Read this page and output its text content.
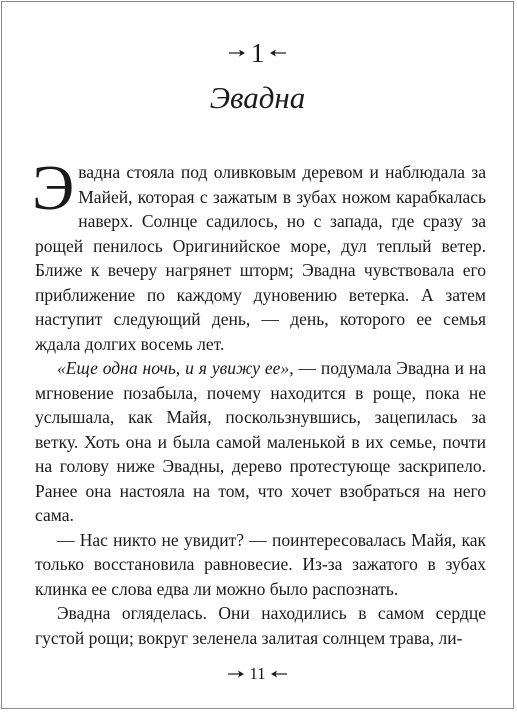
1
Эвадна

Эвадна стояла под оливковым деревом и наблюдала за Майей, которая с зажатым в зубах ножом карабкалась наверх. Солнце садилось, но с запада, где сразу за рощей пенилось Оригинийское море, дул теплый ветер. Ближе к вечеру нагрянет шторм; Эвадна чувствовала его приближение по каждому дуновению ветерка. А затем наступит следующий день, — день, которого ее семья ждала долгих восемь лет.

«Еще одна ночь, и я увижу ее», — подумала Эвадна и на мгновение позабыла, почему находится в роще, пока не услышала, как Майя, поскользнувшись, зацепилась за ветку. Хоть она и была самой маленькой в их семье, почти на голову ниже Эвадны, дерево протестующе заскрипело. Ранее она настояла на том, что хочет взобраться на него сама.

— Нас никто не увидит? — поинтересовалась Майя, как только восстановила равновесие. Из-за зажатого в зубах клинка ее слова едва ли можно было распознать.

Эвадна огляделась. Они находились в самом сердце густой рощи; вокруг зеленела залитая солнцем трава, ли-

11
